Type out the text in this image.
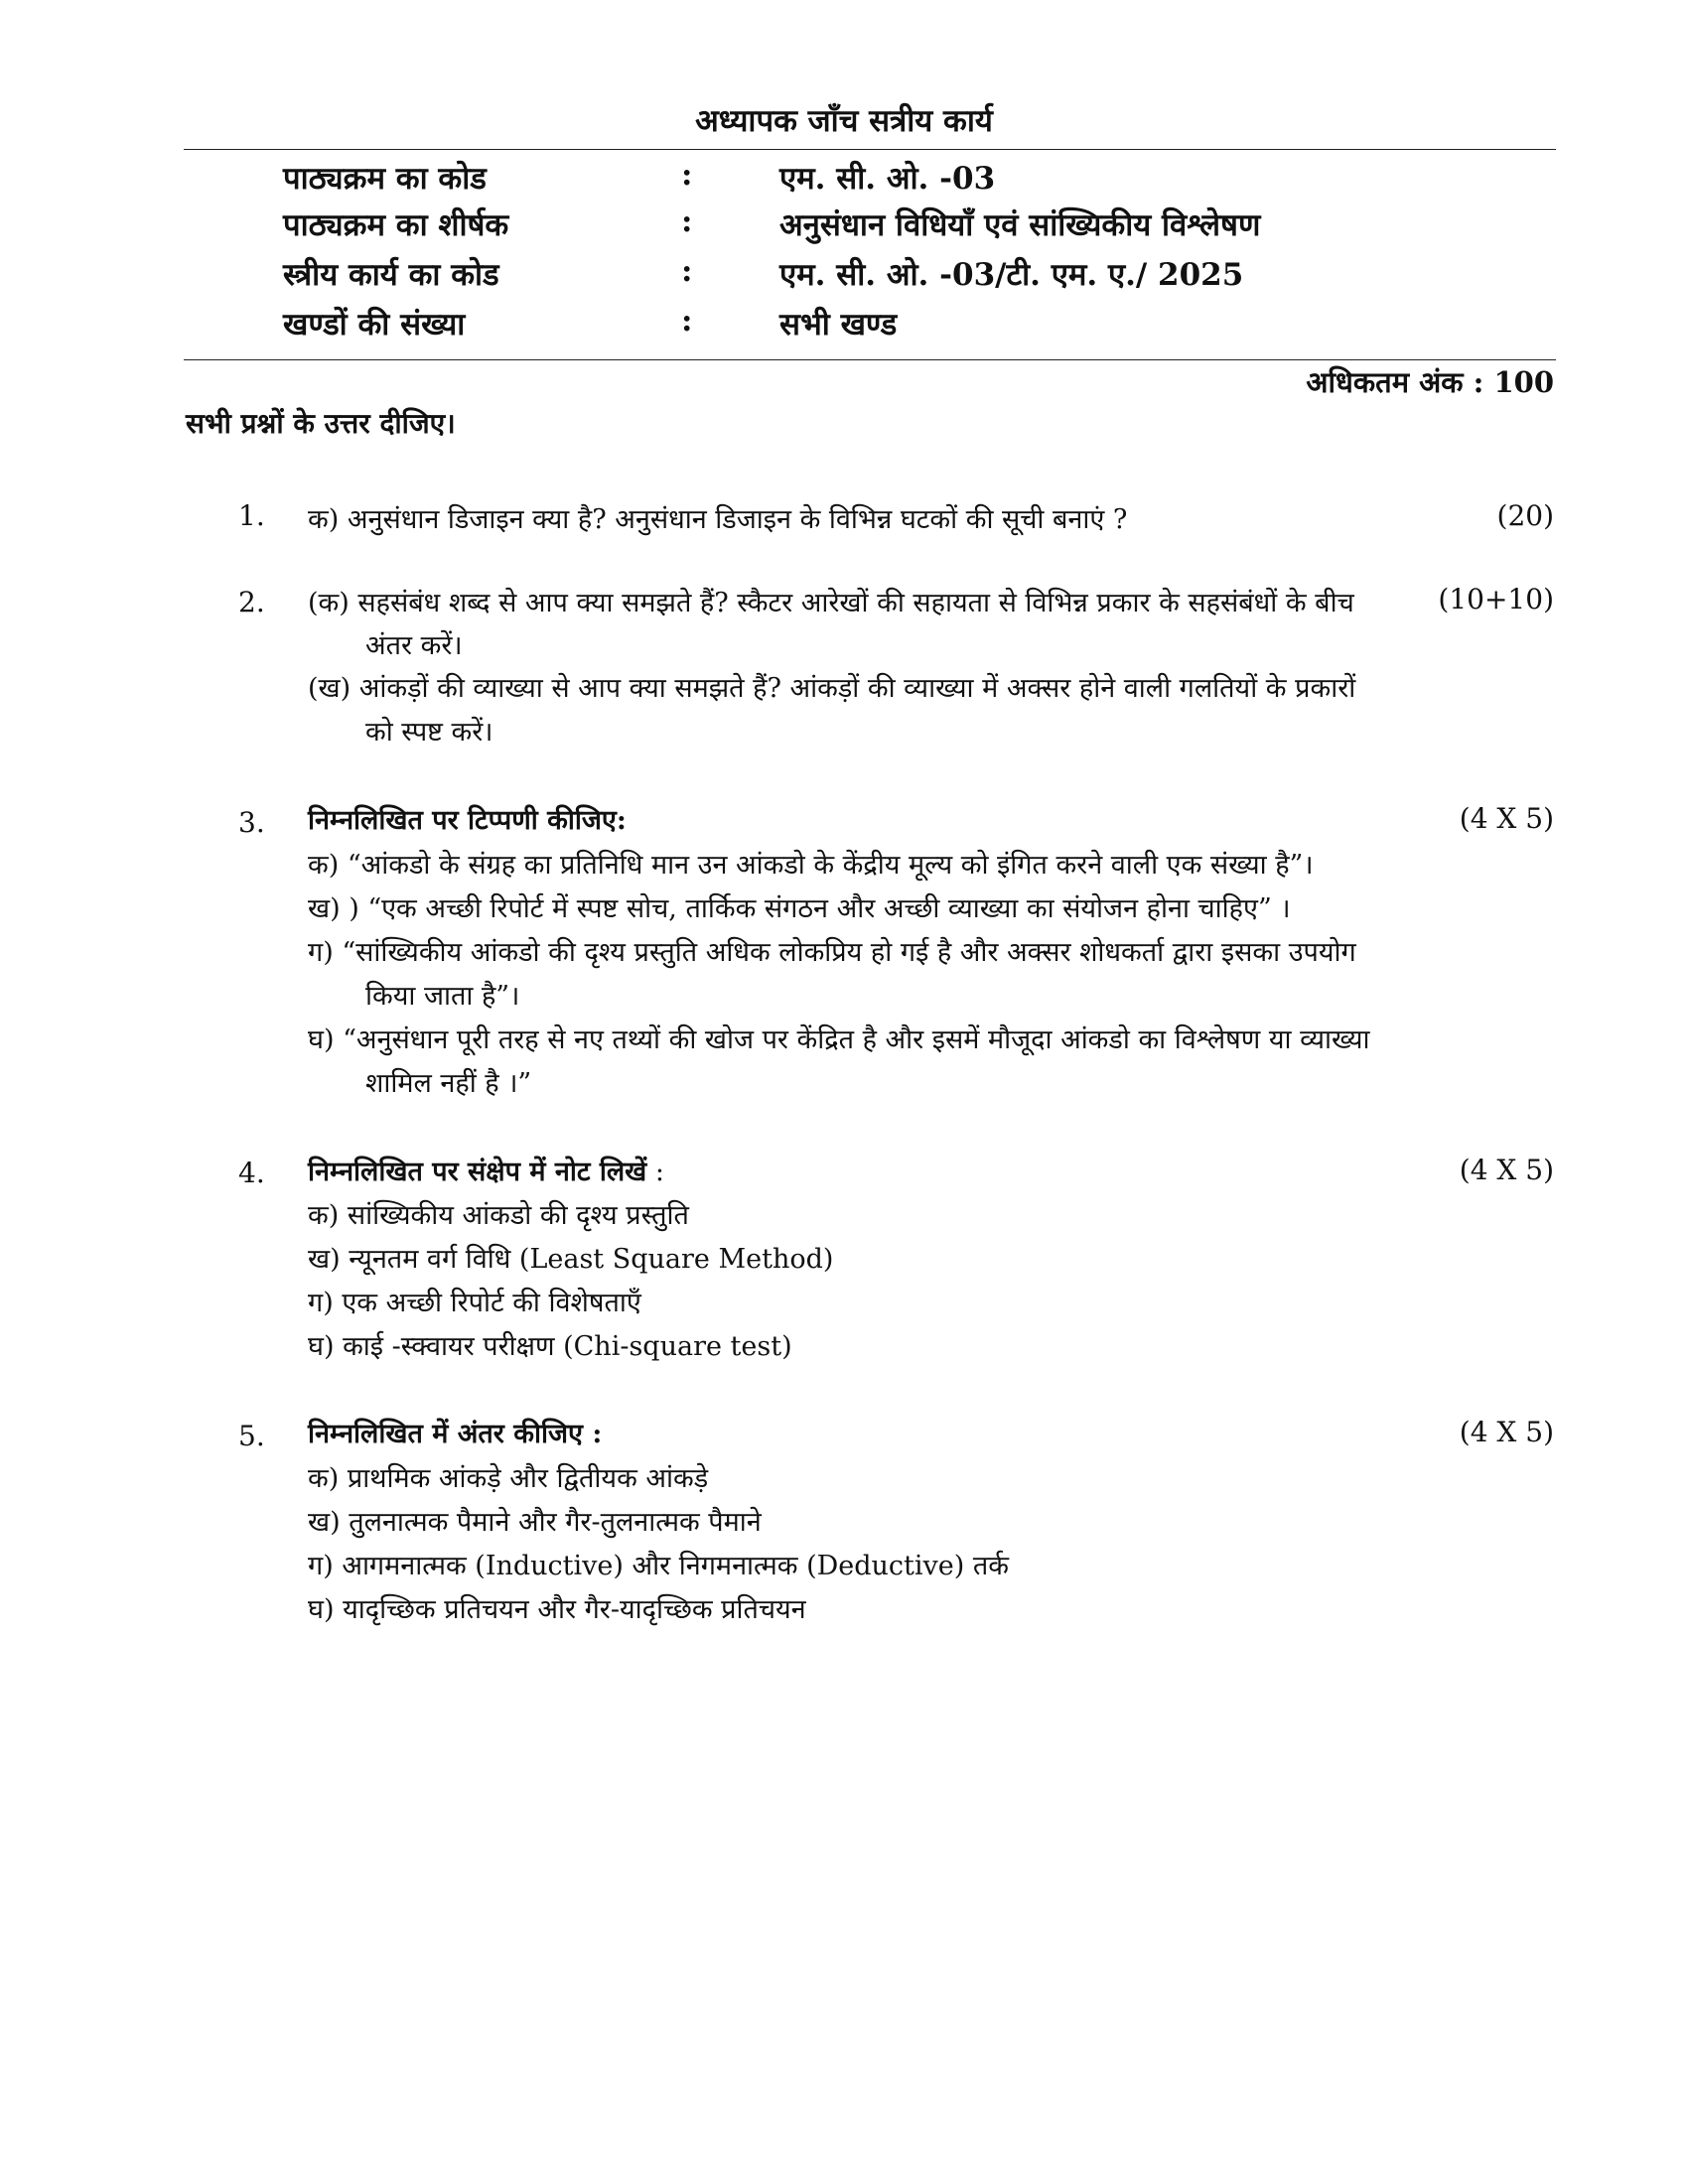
अध्यापक जाँच सत्रीय कार्य
पाठ्यक्रम का कोड	:	एम. सी. ओ. -03
पाठ्यक्रम का शीर्षक	:	अनुसंधान विधियाँ एवं सांख्यिकीय विश्लेषण
स्त्रीय कार्य का कोड	:	एम. सी. ओ. -03/टी. एम. ए./ 2025
खण्डों की संख्या	:	सभी खण्ड
अधिकतम अंक : 100
सभी प्रश्नों के उत्तर दीजिए।
1. क) अनुसंधान डिजाइन क्या है? अनुसंधान डिजाइन के विभिन्न घटकों की सूची बनाएं ?	(20)
2. (क) सहसंबंध शब्द से आप क्या समझते हैं? स्कैटर आरेखों की सहायता से विभिन्न प्रकार के सहसंबंधों के बीच
अंतर करें।
(ख) आंकड़ों की व्याख्या से आप क्या समझते हैं? आंकड़ों की व्याख्या में अक्सर होने वाली गलतियों के प्रकारों
को स्पष्ट करें।
(10+10)
3. निम्नलिखित पर टिप्पणी कीजिए:	(4 X 5)
क) “आंकडो के संग्रह का प्रतिनिधि मान उन आंकडो के केंद्रीय मूल्य को इंगित करने वाली एक संख्या है”।
ख) ) “एक अच्छी रिपोर्ट में स्पष्ट सोच, तार्किक संगठन और अच्छी व्याख्या का संयोजन होना चाहिए” ।
ग) “सांख्यिकीय आंकडो की दृश्य प्रस्तुति अधिक लोकप्रिय हो गई है और अक्सर शोधकर्ता द्वारा इसका उपयोग
किया जाता है”।
घ) “अनुसंधान पूरी तरह से नए तथ्यों की खोज पर केंद्रित है और इसमें मौजूदा आंकडो का विश्लेषण या व्याख्या
शामिल नहीं है ।”
4. निम्नलिखित पर संक्षेप में नोट लिखें :	(4 X 5)
क) सांख्यिकीय आंकडो की दृश्य प्रस्तुति
ख) न्यूनतम वर्ग विधि (Least Square Method)
ग) एक अच्छी रिपोर्ट की विशेषताएँ
घ) काई -स्क्वायर परीक्षण (Chi-square test)
5. निम्नलिखित में अंतर कीजिए :	(4 X 5)
क) प्राथमिक आंकड़े और द्वितीयक आंकड़े
ख) तुलनात्मक पैमाने और गैर-तुलनात्मक पैमाने
ग) आगमनात्मक (Inductive) और निगमनात्मक (Deductive) तर्क
घ) यादृच्छिक प्रतिचयन और गैर-यादृच्छिक प्रतिचयन
